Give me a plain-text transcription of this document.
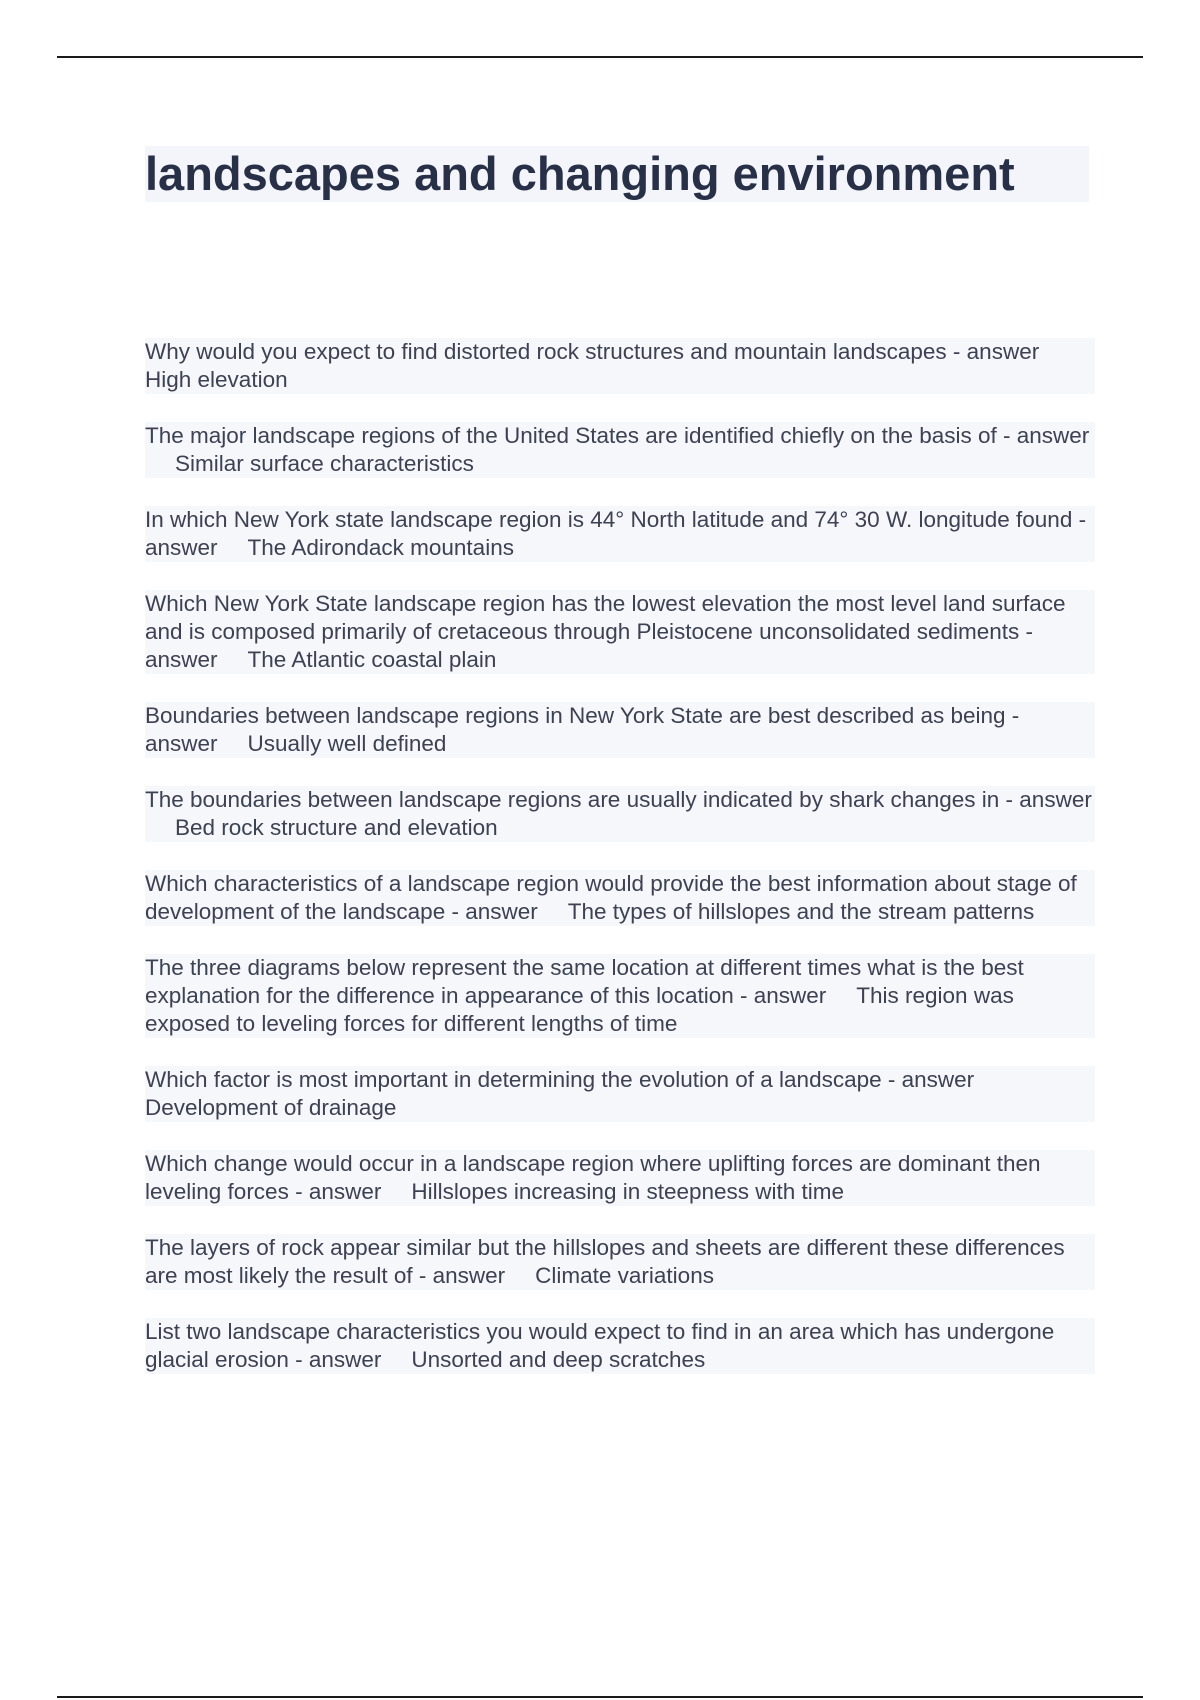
landscapes and changing environment

Why would you expect to find distorted rock structures and mountain landscapes - answerHigh elevation

The major landscape regions of the United States are identified chiefly on the basis of - answerSimilar surface characteristics

In which New York state landscape region is 44° North latitude and 74° 30 W. longitude found - answer The Adirondack mountains

Which New York State landscape region has the lowest elevation the most level land surface and is composed primarily of cretaceous through Pleistocene unconsolidated sediments - answer The Atlantic coastal plain

Boundaries between landscape regions in New York State are best described as being - answer Usually well defined

The boundaries between landscape regions are usually indicated by shark changes in - answerBed rock structure and elevation

Which characteristics of a landscape region would provide the best information about stage of development of the landscape - answer The types of hillslopes and the stream patterns

The three diagrams below represent the same location at different times what is the best explanation for the difference in appearance of this location - answer This region was exposed to leveling forces for different lengths of time

Which factor is most important in determining the evolution of a landscape - answerDevelopment of drainage

Which change would occur in a landscape region where uplifting forces are dominant then leveling forces - answer Hillslopes increasing in steepness with time

The layers of rock appear similar but the hillslopes and sheets are different these differences are most likely the result of - answer Climate variations

List two landscape characteristics you would expect to find in an area which has undergone glacial erosion - answer Unsorted and deep scratches
